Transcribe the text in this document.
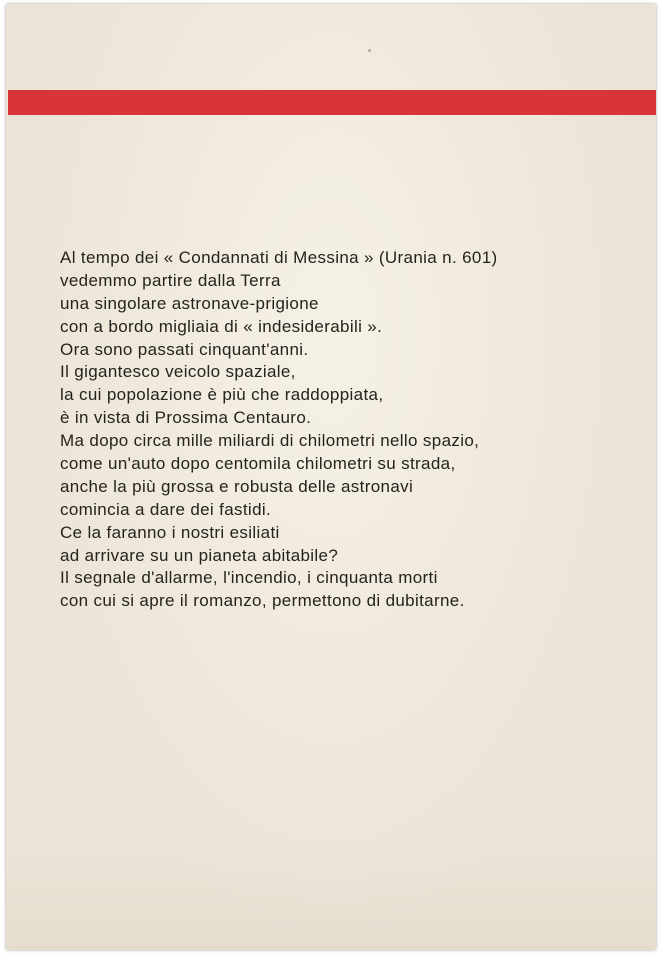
Al tempo dei « Condannati di Messina » (Urania n. 601)
vedemmo partire dalla Terra
una singolare astronave-prigione
con a bordo migliaia di « indesiderabili ».
Ora sono passati cinquant'anni.
Il gigantesco veicolo spaziale,
la cui popolazione è più che raddoppiata,
è in vista di Prossima Centauro.
Ma dopo circa mille miliardi di chilometri nello spazio,
come un'auto dopo centomila chilometri su strada,
anche la più grossa e robusta delle astronavi
comincia a dare dei fastidi.
Ce la faranno i nostri esiliati
ad arrivare su un pianeta abitabile?
Il segnale d'allarme, l'incendio, i cinquanta morti
con cui si apre il romanzo, permettono di dubitarne.
